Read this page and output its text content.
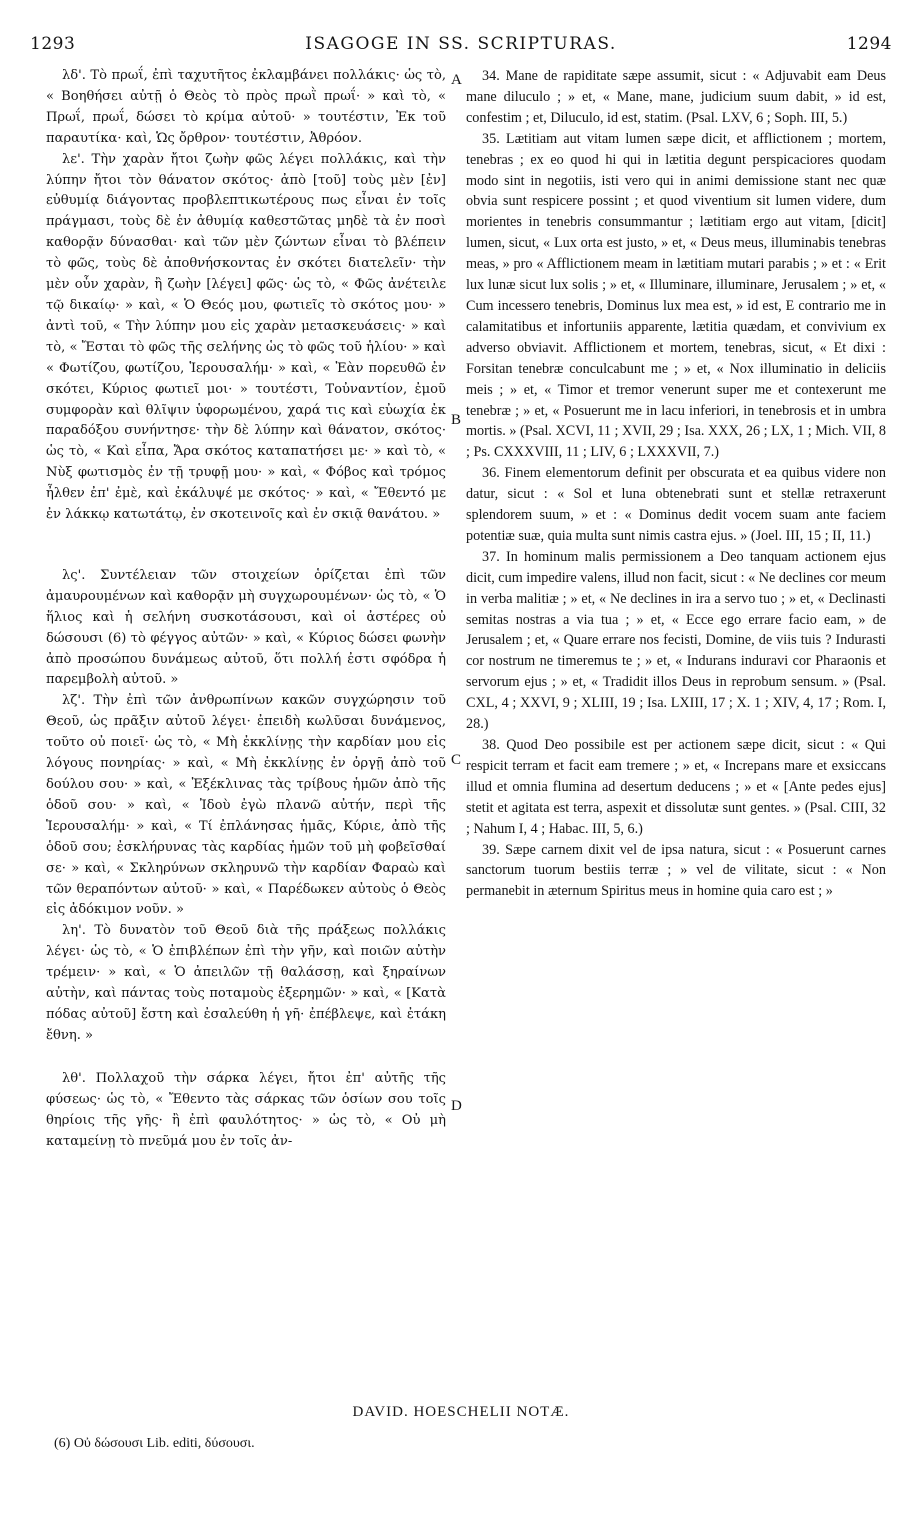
1293	ISAGOGE IN SS. SCRIPTURAS.	1294

λδ'. Τὸ πρωΐ, ἐπὶ ταχυτῆτος ἐκλαμβάνει πολλάκις· ὡς τὸ, « Βοηθήσει αὐτῇ ὁ Θεὸς τὸ πρὸς πρωῒ πρωΐ· » καὶ τὸ, « Πρωΐ, πρωΐ, δώσει τὸ κρίμα αὐτοῦ· » τουτέστιν, Ἐκ τοῦ παραυτίκα· καὶ, Ὡς ὄρθρον· τουτέστιν, Ἀθρόον.

λε'. Τὴν χαρὰν ἤτοι ζωὴν φῶς λέγει πολλάκις, καὶ τὴν λύπην ἤτοι τὸν θάνατον σκότος· ἀπὸ [τοῦ] τοὺς μὲν [ἐν] εὐθυμίᾳ διάγοντας προβλεπτικωτέρους πως εἶναι ἐν τοῖς πράγμασι, τοὺς δὲ ἐν ἀθυμίᾳ καθεστῶτας μηδὲ τὰ ἐν ποσὶ καθορᾷν δύνασθαι· καὶ τῶν μὲν ζώντων εἶναι τὸ βλέπειν τὸ φῶς, τοὺς δὲ ἀποθνήσκοντας ἐν σκότει διατελεῖν· τὴν μὲν οὖν χαρὰν, ἢ ζωὴν [λέγει] φῶς· ὡς τὸ, « Φῶς ἀνέτειλε τῷ δικαίῳ· » καὶ, « Ὁ Θεός μου, φωτιεῖς τὸ σκότος μου· » ἀντὶ τοῦ, « Τὴν λύπην μου εἰς χαρὰν μετασκευάσεις· » καὶ τὸ, « Ἔσται τὸ φῶς τῆς σελήνης ὡς τὸ φῶς τοῦ ἡλίου· » καὶ « Φωτίζου, φωτίζου, Ἱερουσαλήμ· » καὶ, « Ἐὰν πορευθῶ ἐν σκότει, Κύριος φωτιεῖ μοι· » τουτέστι, Τοὐναντίον, ἐμοῦ συμφορὰν καὶ θλῖψιν ὑφορωμένου, χαρά τις καὶ εὐωχία ἐκ παραδόξου συνήντησε· τὴν δὲ λύπην καὶ θάνατον, σκότος· ὡς τὸ, « Καὶ εἶπα, Ἄρα σκότος καταπατήσει με· » καὶ τὸ, « Νὺξ φωτισμὸς ἐν τῇ τρυφῇ μου· » καὶ, « Φόβος καὶ τρόμος ἦλθεν ἐπ' ἐμὲ, καὶ ἐκάλυψέ με σκότος· » καὶ, « Ἔθεντό με ἐν λάκκῳ κατωτάτῳ, ἐν σκοτεινοῖς καὶ ἐν σκιᾷ θανάτου. »

λς'. Συντέλειαν τῶν στοιχείων ὁρίζεται ἐπὶ τῶν ἀμαυρουμένων καὶ καθορᾷν μὴ συγχωρουμένων· ὡς τὸ, « Ὁ ἥλιος καὶ ἡ σελήνη συσκοτάσουσι, καὶ οἱ ἀστέρες οὐ δώσουσι (6) τὸ φέγγος αὐτῶν· » καὶ, « Κύριος δώσει φωνὴν ἀπὸ προσώπου δυνάμεως αὐτοῦ, ὅτι πολλή ἐστι σφόδρα ἡ παρεμβολὴ αὐτοῦ. »

λζ'. Τὴν ἐπὶ τῶν ἀνθρωπίνων κακῶν συγχώρησιν τοῦ Θεοῦ, ὡς πρᾶξιν αὐτοῦ λέγει· ἐπειδὴ κωλῦσαι δυνάμενος, τοῦτο οὐ ποιεῖ· ὡς τὸ, « Μὴ ἐκκλίνῃς τὴν καρδίαν μου εἰς λόγους πονηρίας· » καὶ, « Μὴ ἐκκλίνῃς ἐν ὀργῇ ἀπὸ τοῦ δούλου σου· » καὶ, « Ἐξέκλινας τὰς τρίβους ἡμῶν ἀπὸ τῆς ὁδοῦ σου· » καὶ, « Ἰδοὺ ἐγὼ πλανῶ αὐτήν, περὶ τῆς Ἱερουσαλήμ· » καὶ, « Τί ἐπλάνησας ἡμᾶς, Κύριε, ἀπὸ τῆς ὁδοῦ σου; ἐσκλήρυνας τὰς καρδίας ἡμῶν τοῦ μὴ φοβεῖσθαί σε· » καὶ, « Σκληρύνων σκληρυνῶ τὴν καρδίαν Φαραὼ καὶ τῶν θεραπόντων αὐτοῦ· » καὶ, « Παρέδωκεν αὐτοὺς ὁ Θεὸς εἰς ἀδόκιμον νοῦν. »

λη'. Τὸ δυνατὸν τοῦ Θεοῦ διὰ τῆς πράξεως πολλάκις λέγει· ὡς τὸ, « Ὁ ἐπιβλέπων ἐπὶ τὴν γῆν, καὶ ποιῶν αὐτὴν τρέμειν· » καὶ, « Ὁ ἀπειλῶν τῇ θαλάσσῃ, καὶ ξηραίνων αὐτὴν, καὶ πάντας τοὺς ποταμοὺς ἐξερημῶν· » καὶ, « [Κατὰ πόδας αὐτοῦ] ἔστη καὶ ἐσαλεύθη ἡ γῆ· ἐπέβλεψε, καὶ ἐτάκη ἔθνη. »

λθ'. Πολλαχοῦ τὴν σάρκα λέγει, ἤτοι ἐπ' αὐτῆς τῆς φύσεως· ὡς τὸ, « Ἔθεντο τὰς σάρκας τῶν ὁσίων σου τοῖς θηρίοις τῆς γῆς· ἢ ἐπὶ φαυλότητος· » ὡς τὸ, « Οὐ μὴ καταμείνῃ τὸ πνεῦμά μου ἐν τοῖς ἀν-

34. Mane de rapiditate sæpe assumit, sicut : « Adjuvabit eam Deus mane diluculo ; » et, « Mane, mane, judicium suum dabit, » id est, confestim ; et, Diluculo, id est, statim. (Psal. LXV, 6 ; Soph. III, 5.)

35. Lætitiam aut vitam lumen sæpe dicit, et afflictionem ; mortem, tenebras ; ex eo quod hi qui in lætitia degunt perspicaciores quodam modo sint in negotiis, isti vero qui in animi demissione stant nec quæ obvia sunt respicere possint ; et quod viventium sit lumen videre, dum morientes in tenebris consummantur ; lætitiam ergo aut vitam, [dicit] lumen, sicut, « Lux orta est justo, » et, « Deus meus, illuminabis tenebras meas, » pro « Afflictionem meam in lætitiam mutari parabis ; » et : « Erit lux lunæ sicut lux solis ; » et, « Illuminare, illuminare, Jerusalem ; » et, « Cum incessero tenebris, Dominus lux mea est, » id est, E contrario me in calamitatibus et infortuniis apparente, lætitia quædam, et convivium ex adverso obviavit. Afflictionem et mortem, tenebras, sicut, « Et dixi : Forsitan tenebræ conculcabunt me ; » et, « Nox illuminatio in deliciis meis ; » et, « Timor et tremor venerunt super me et contexerunt me tenebræ ; » et, « Posuerunt me in lacu inferiori, in tenebrosis et in umbra mortis. » (Psal. XCVI, 11 ; XVII, 29 ; Isa. XXX, 26 ; LX, 1 ; Mich. VII, 8 ; Ps. CXXXVIII, 11 ; LIV, 6 ; LXXXVII, 7.)

36. Finem elementorum definit per obscurata et ea quibus videre non datur, sicut : « Sol et luna obtenebrati sunt et stellæ retraxerunt splendorem suum, » et : « Dominus dedit vocem suam ante faciem potentiæ suæ, quia multa sunt nimis castra ejus. » (Joel. III, 15 ; II, 11.)

37. In hominum malis permissionem a Deo tanquam actionem ejus dicit, cum impedire valens, illud non facit, sicut : « Ne declines cor meum in verba malitiæ ; » et, « Ne declines in ira a servo tuo ; » et, « Declinasti semitas nostras a via tua ; » et, « Ecce ego errare facio eam, » de Jerusalem ; et, « Quare errare nos fecisti, Domine, de viis tuis ? Indurasti cor nostrum ne timeremus te ; » et, « Indurans induravi cor Pharaonis et servorum ejus ; » et, « Tradidit illos Deus in reprobum sensum. » (Psal. CXL, 4 ; XXVI, 9 ; XLIII, 19 ; Isa. LXIII, 17 ; X. 1 ; XIV, 4, 17 ; Rom. I, 28.)

38. Quod Deo possibile est per actionem sæpe dicit, sicut : « Qui respicit terram et facit eam tremere ; » et, « Increpans mare et exsiccans illud et omnia flumina ad desertum deducens ; » et « [Ante pedes ejus] stetit et agitata est terra, aspexit et dissolutæ sunt gentes. » (Psal. CIII, 32 ; Nahum I, 4 ; Habac. III, 5, 6.)

39. Sæpe carnem dixit vel de ipsa natura, sicut : « Posuerunt carnes sanctorum tuorum bestiis terræ ; » vel de vilitate, sicut : « Non permanebit in æternum Spiritus meus in homine quia caro est ; »

A
B
C
D
DAVID. HOESCHELII NOTÆ.
(6) Οὐ δώσουσι Lib. editi, δύσουσι.
